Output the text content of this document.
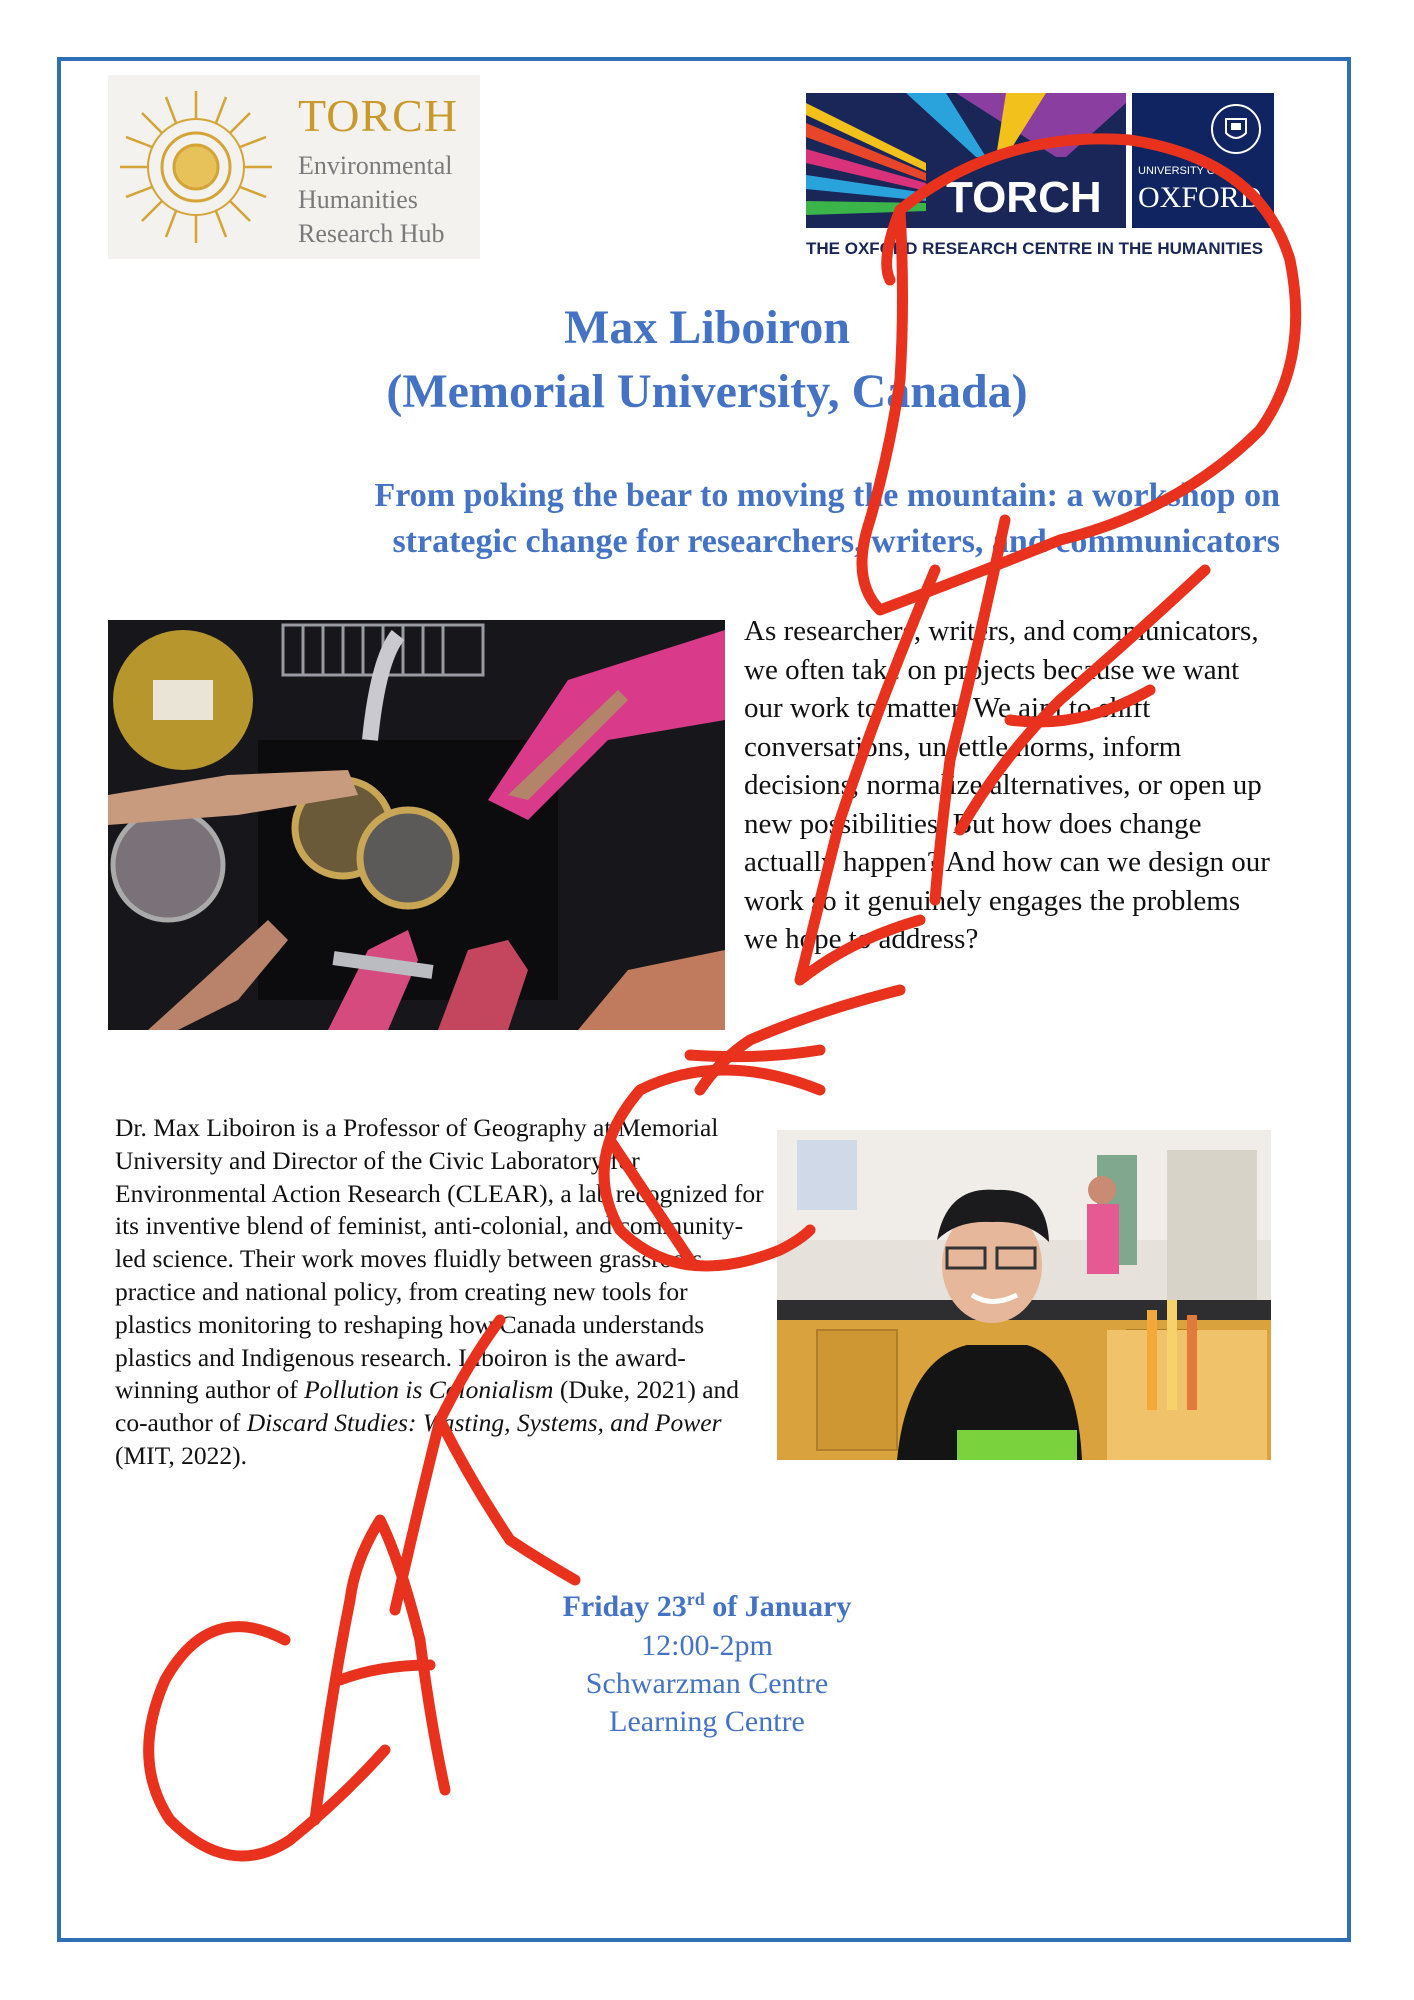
TORCH
Environmental
Humanities
Research Hub
TORCH
UNIVERSITY OF
OXFORD
THE OXFORD RESEARCH CENTRE IN THE HUMANITIES
Max Liboiron
(Memorial University, Canada)
From poking the bear to moving the mountain: a workshop on
strategic change for researchers, writers, and communicators
As researchers, writers, and communicators, we often take on projects because we want our work to matter. We aim to shift conversations, unsettle norms, inform decisions, normalize alternatives, or open up new possibilities. But how does change actually happen? And how can we design our work so it genuinely engages the problems we hope to address?
Dr. Max Liboiron is a Professor of Geography at Memorial University and Director of the Civic Laboratory for Environmental Action Research (CLEAR), a lab recognized for its inventive blend of feminist, anti-colonial, and community-led science. Their work moves fluidly between grassroots practice and national policy, from creating new tools for plastics monitoring to reshaping how Canada understands plastics and Indigenous research. Liboiron is the award-winning author of Pollution is Colonialism (Duke, 2021) and co-author of Discard Studies: Wasting, Systems, and Power (MIT, 2022).
Friday 23rd of January
12:00-2pm
Schwarzman Centre
Learning Centre
